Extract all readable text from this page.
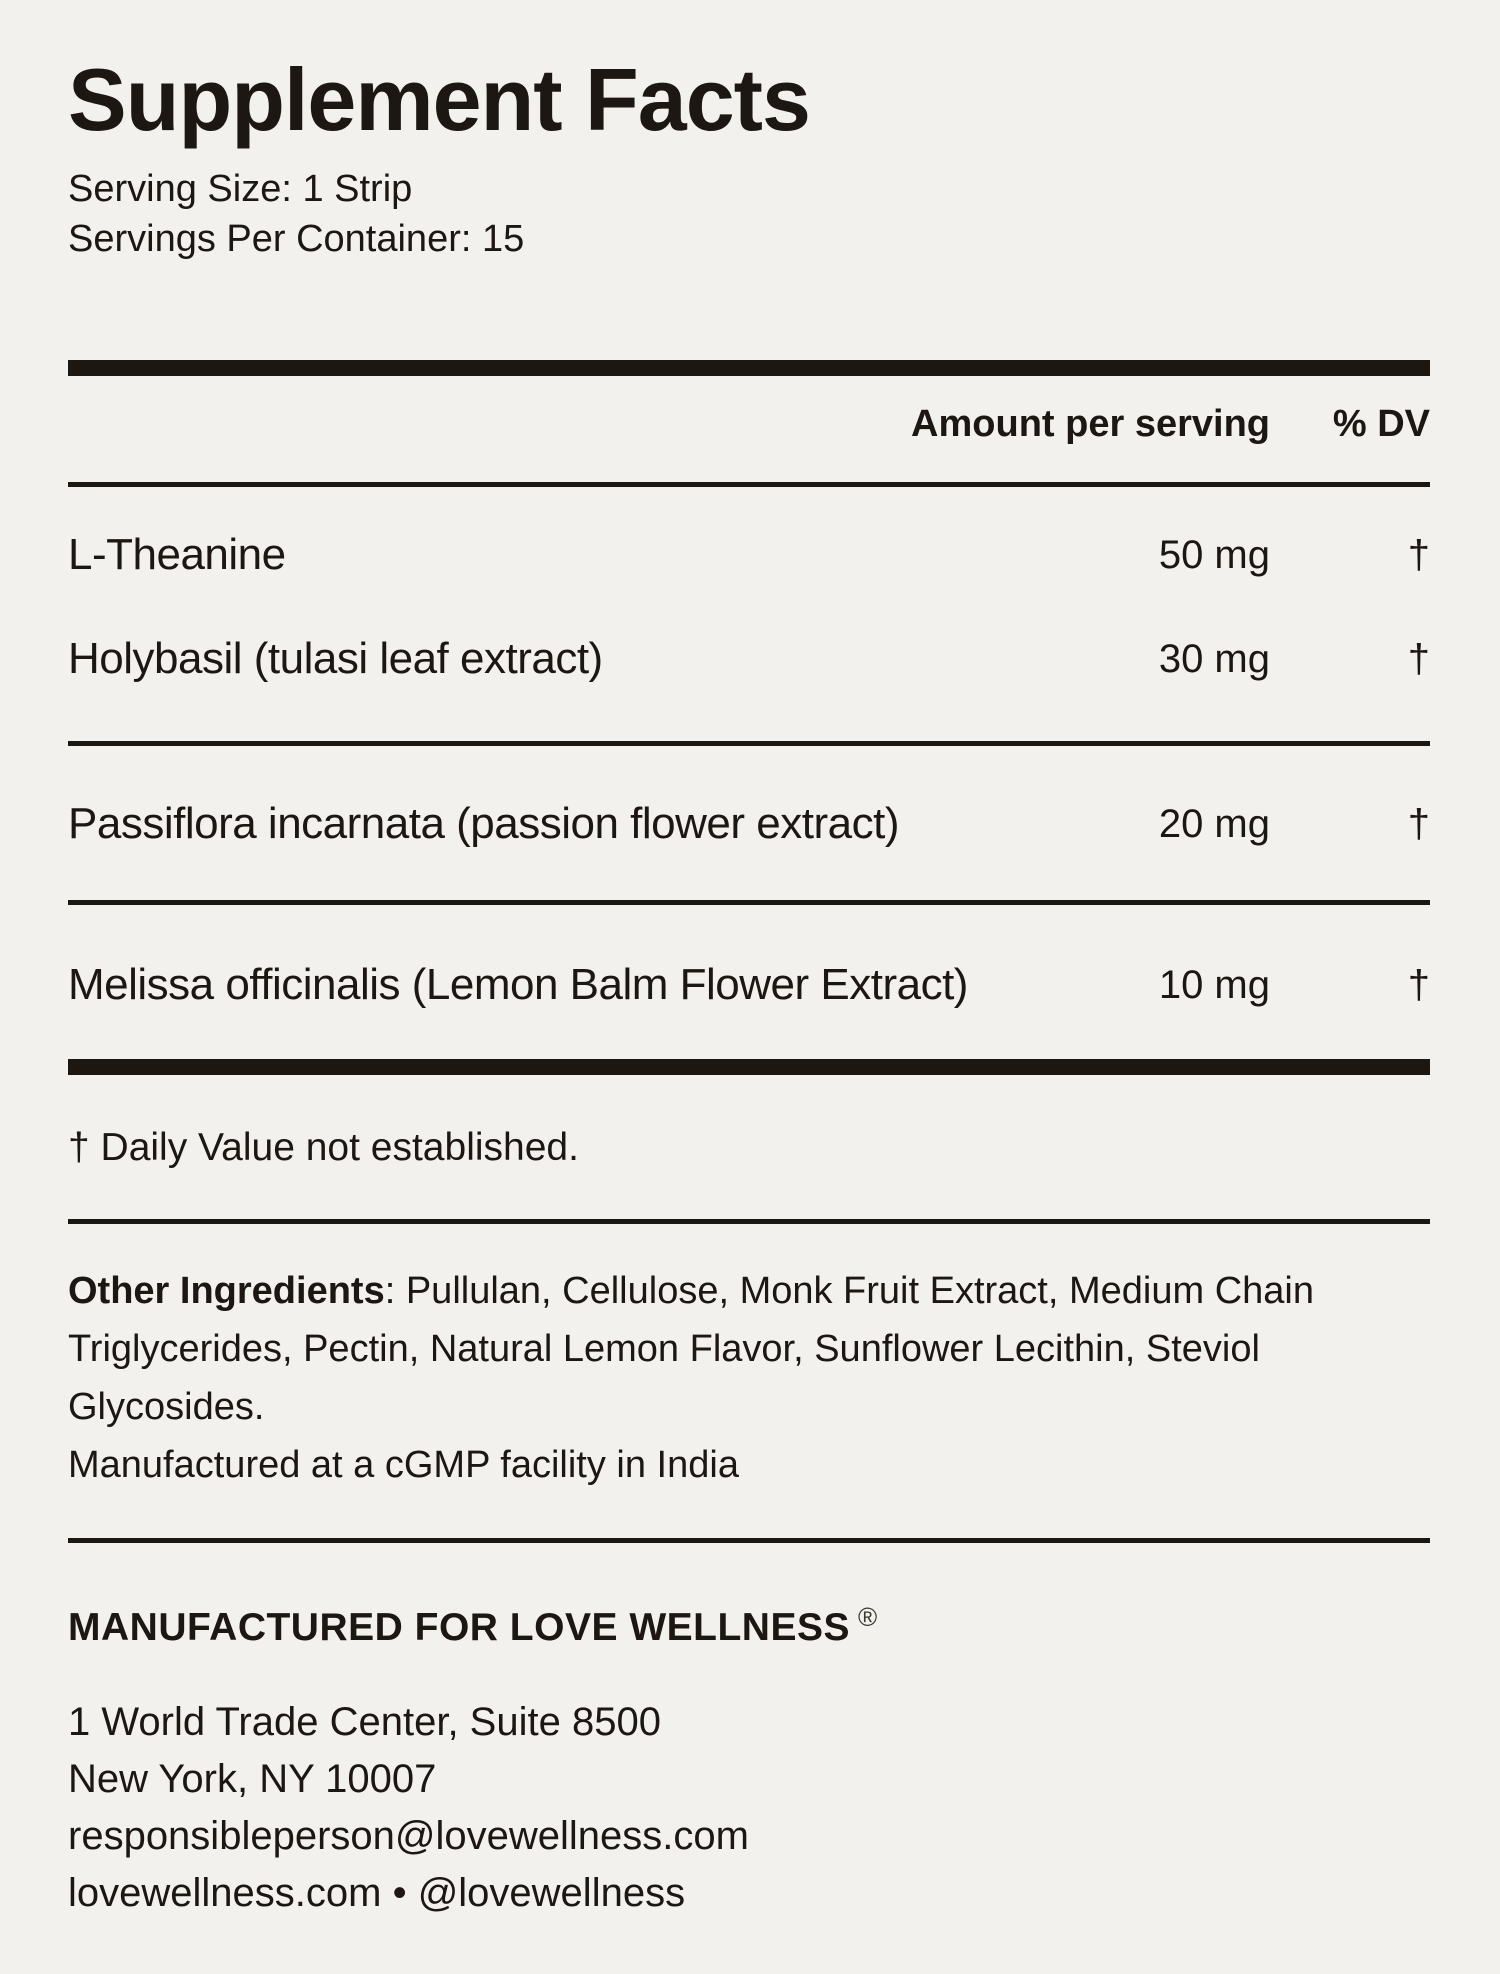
Supplement Facts
Serving Size: 1 Strip
Servings Per Container: 15
Amount per serving	% DV
L-Theanine	50 mg	†
Holybasil (tulasi leaf extract)	30 mg	†
Passiflora incarnata (passion flower extract)	20 mg	†
Melissa officinalis (Lemon Balm Flower Extract)	10 mg	†
† Daily Value not established.
Other Ingredients: Pullulan, Cellulose, Monk Fruit Extract, Medium Chain Triglycerides, Pectin, Natural Lemon Flavor, Sunflower Lecithin, Steviol Glycosides.
Manufactured at a cGMP facility in India
MANUFACTURED FOR LOVE WELLNESS ®
1 World Trade Center, Suite 8500
New York, NY 10007
responsibleperson@lovewellness.com
lovewellness.com • @lovewellness
